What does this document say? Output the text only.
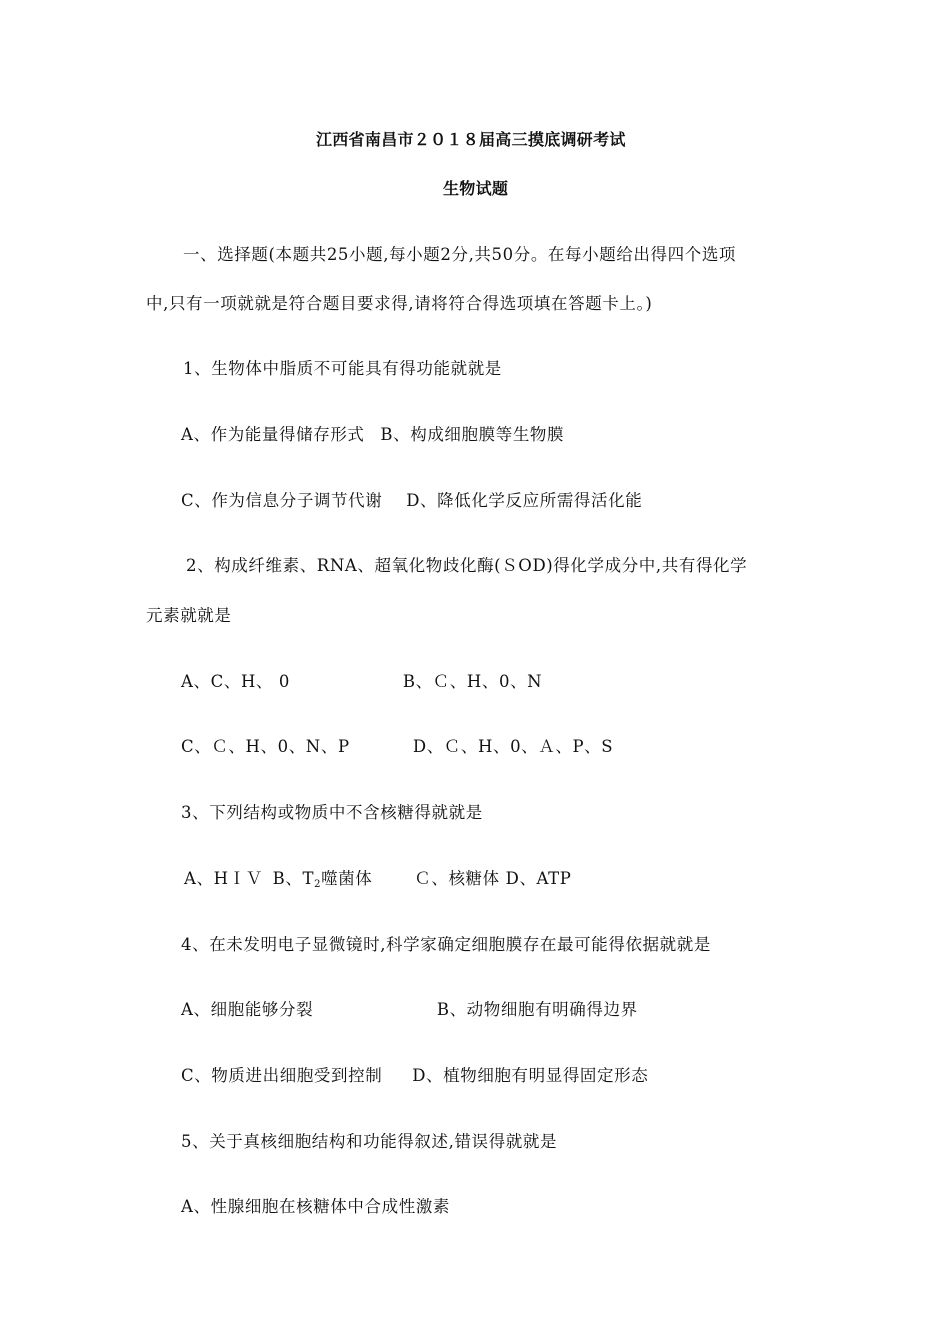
江西省南昌市２０１８届高三摸底调研考试
生物试题
一、选择题(本题共25小题,每小题2分,共50分。在每小题给出得四个选项
中,只有一项就就是符合题目要求得,请将符合得选项填在答题卡上。)
1、生物体中脂质不可能具有得功能就就是
A、作为能量得储存形式 B、构成细胞膜等生物膜
C、作为信息分子调节代谢 D、降低化学反应所需得活化能
2、构成纤维素、RNA、超氧化物歧化酶(ＳOD)得化学成分中,共有得化学
元素就就是
A、C、H、 0	B、Ｃ、H、0、N
C、Ｃ、H、0、N、P	D、Ｃ、H、0、Ａ、P、S
3、下列结构或物质中不含核糖得就就是
A、HＩＶ B、$T_2$噬菌体	Ｃ、核糖体 D、ATP
4、在未发明电子显微镜时,科学家确定细胞膜存在最可能得依据就就是
A、细胞能够分裂	B、动物细胞有明确得边界
C、物质进出细胞受到控制 D、植物细胞有明显得固定形态
5、关于真核细胞结构和功能得叙述,错误得就就是
A、性腺细胞在核糖体中合成性激素
